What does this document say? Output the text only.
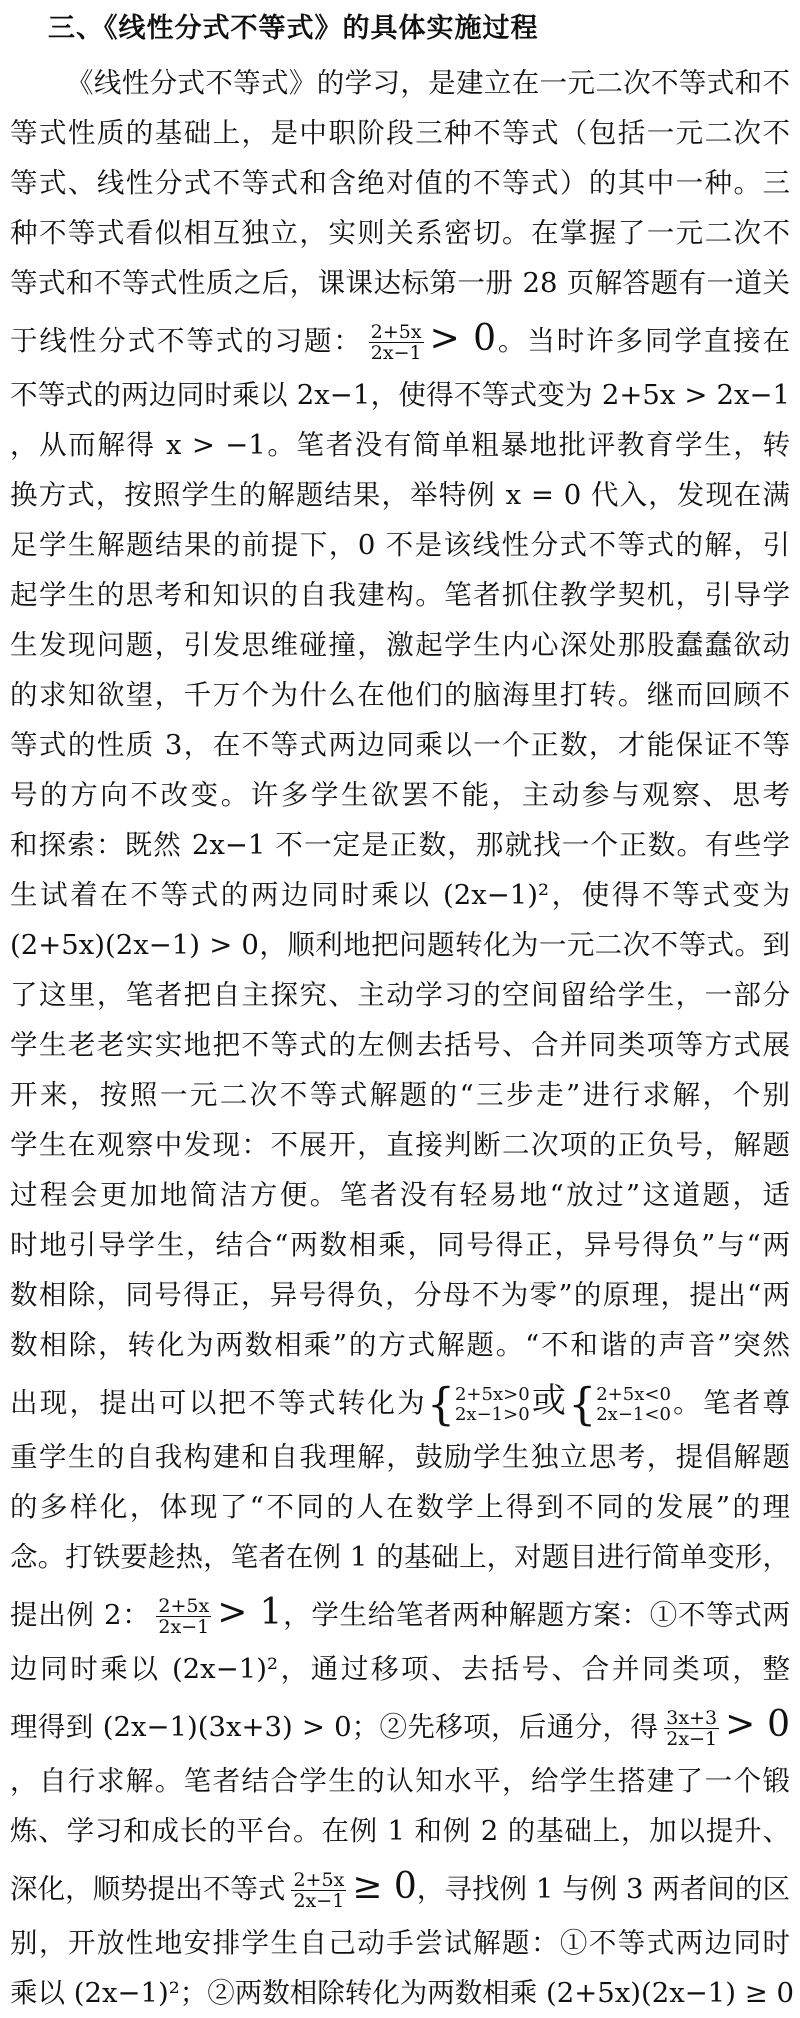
三、《线性分式不等式》的具体实施过程
《线性分式不等式》的学习，是建立在一元二次不等式和不
等式性质的基础上，是中职阶段三种不等式（包括一元二次不
等式、线性分式不等式和含绝对值的不等式）的其中一种。三
种不等式看似相互独立，实则关系密切。在掌握了一元二次不
等式和不等式性质之后，课课达标第一册 28 页解答题有一道关
于线性分式不等式的习题： $\frac{2+5x}{2x-1} > 0$。当时许多同学直接在
不等式的两边同时乘以 2x−1，使得不等式变为 2+5x > 2x−1
，从而解得 x > −1。笔者没有简单粗暴地批评教育学生，转
换方式，按照学生的解题结果，举特例 x = 0 代入，发现在满
足学生解题结果的前提下，0 不是该线性分式不等式的解，引
起学生的思考和知识的自我建构。笔者抓住教学契机，引导学
生发现问题，引发思维碰撞，激起学生内心深处那股蠢蠢欲动
的求知欲望，千万个为什么在他们的脑海里打转。继而回顾不
等式的性质 3，在不等式两边同乘以一个正数，才能保证不等
号的方向不改变。许多学生欲罢不能，主动参与观察、思考
和探索：既然 2x−1 不一定是正数，那就找一个正数。有些学
生试着在不等式的两边同时乘以 (2x−1)²，使得不等式变为
(2+5x)(2x−1) > 0，顺利地把问题转化为一元二次不等式。到
了这里，笔者把自主探究、主动学习的空间留给学生，一部分
学生老老实实地把不等式的左侧去括号、合并同类项等方式展
开来，按照一元二次不等式解题的“三步走”进行求解，个别
学生在观察中发现：不展开，直接判断二次项的正负号，解题
过程会更加地简洁方便。笔者没有轻易地“放过”这道题，适
时地引导学生，结合“两数相乘，同号得正，异号得负”与“两
数相除，同号得正，异号得负，分母不为零”的原理，提出“两
数相除，转化为两数相乘”的方式解题。“不和谐的声音”突然
出现，提出可以把不等式转化为{2+5x>0
2x−1>0或{2+5x<0
2x−1<0。笔者尊
重学生的自我构建和自我理解，鼓励学生独立思考，提倡解题
的多样化，体现了“不同的人在数学上得到不同的发展”的理
念。打铁要趁热，笔者在例 1 的基础上，对题目进行简单变形，
提出例 2： $\frac{2+5x}{2x-1} > 1$，学生给笔者两种解题方案：①不等式两
边同时乘以 (2x−1)²，通过移项、去括号、合并同类项，整
理得到 (2x−1)(3x+3) > 0；②先移项，后通分，得 $\frac{3x+3}{2x-1} > 0$
，自行求解。笔者结合学生的认知水平，给学生搭建了一个锻
炼、学习和成长的平台。在例 1 和例 2 的基础上，加以提升、
深化，顺势提出不等式 $\frac{2+5x}{2x-1} \ge 0$，寻找例 1 与例 3 两者间的区
别，开放性地安排学生自己动手尝试解题：①不等式两边同时
乘以 (2x−1)²；②两数相除转化为两数相乘 (2+5x)(2x−1) ≥ 0
